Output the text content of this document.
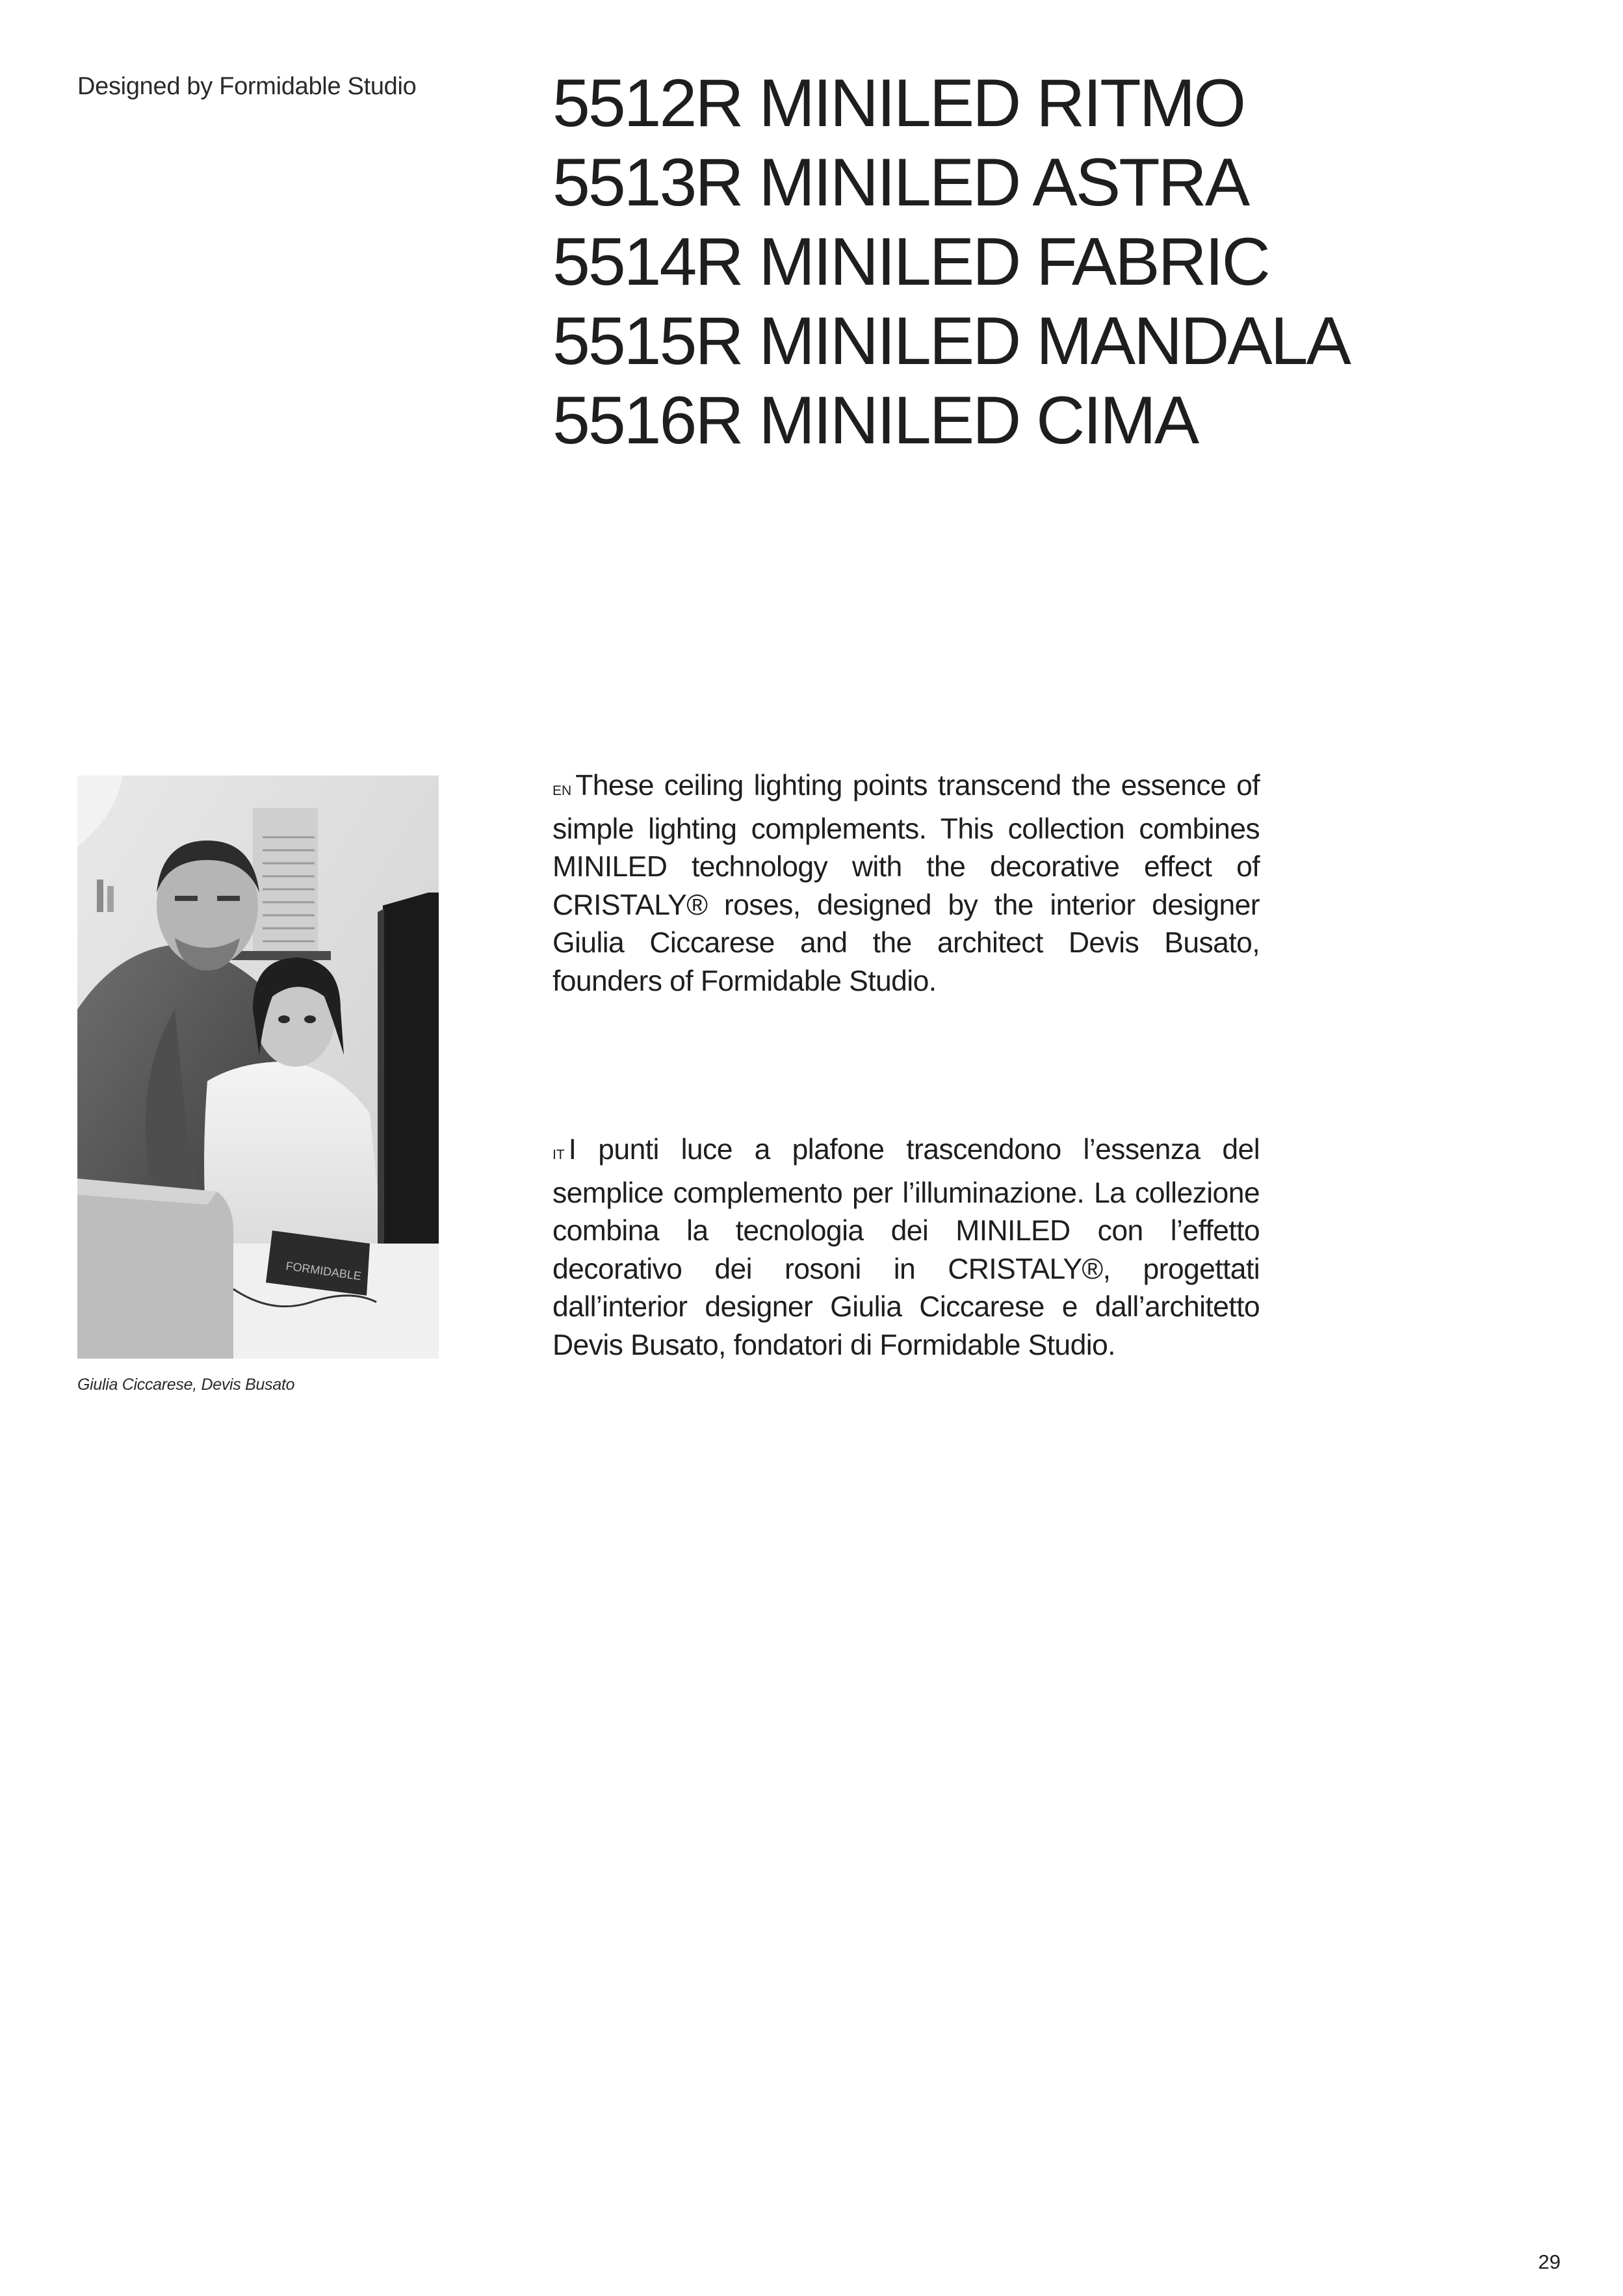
Designed by Formidable Studio 5512R MINILED RITMO
5513R MINILED ASTRA
5514R MINILED FABRIC
5515R MINILED MANDALA
5516R MINILED CIMA
FORMIDABLE
Giulia Ciccarese, Devis Busato
EN These ceiling lighting points transcend the essence of simple lighting complements. This collection combines MINILED technology with the decorative effect of CRISTALY® roses, designed by the interior designer Giulia Ciccarese and the architect Devis Busato, founders of Formidable Studio.
IT I punti luce a plafone trascendono l’essenza del semplice complemento per l’illuminazione. La collezione combina la tecnologia dei MINILED con l’effetto decorativo dei rosoni in CRISTALY®, progettati dall’interior designer Giulia Ciccarese e dall’architetto Devis Busato, fondatori di Formidable Studio.
29
